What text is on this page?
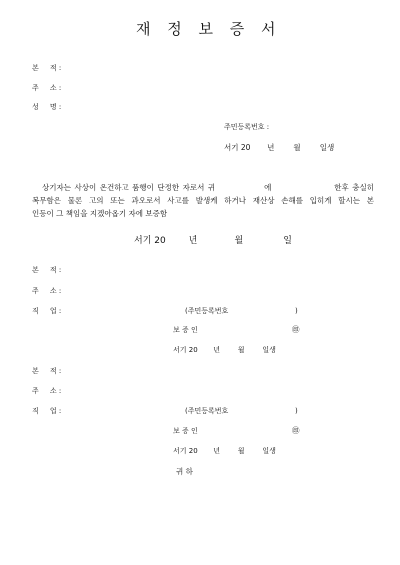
재 정 보 증 서
본     적 :
주     소 :
성     명 :
주민등록번호 :
서기 20       년        월        일생
상기자는 사상이 온건하고 품행이 단정한 자로서 귀              에                  한후 충실히
복무함은 물론 고의 또는 과오로서 사고를 발생케 하거나 재산상 손해를 입히게 할시는 본
인등이 그 책임을 지겠아옵기 자에 보증함
서기 20        년             월              일
본     적 :
주     소 :
직     업 :	(주민등록번호                              )
보 증 인	㊞
서기 20       년        월        일생
본     적 :
주     소 :
직     업 :	(주민등록번호                              )
보 증 인	㊞
서기 20       년        월        일생
귀 하
